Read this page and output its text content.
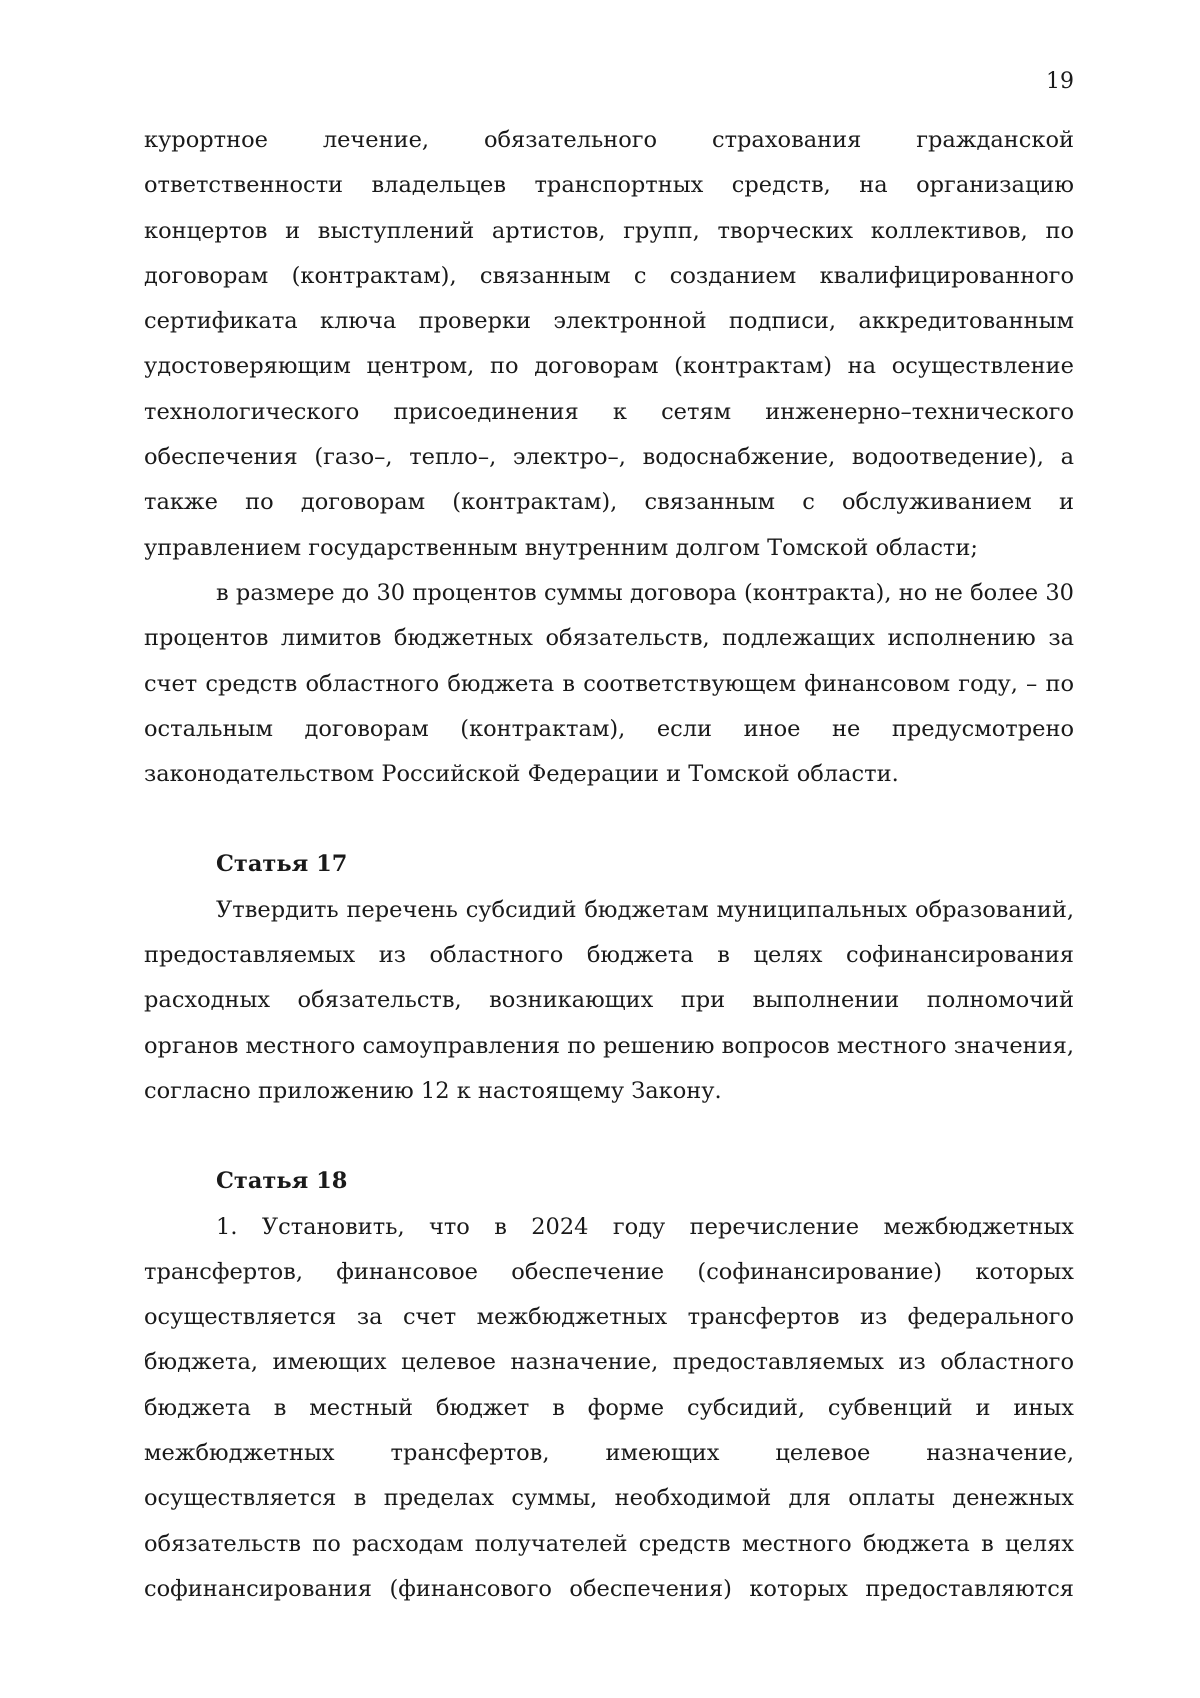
19

курортное лечение, обязательного страхования гражданской ответственности владельцев транспортных средств, на организацию концертов и выступлений артистов, групп, творческих коллективов, по договорам (контрактам), связанным с созданием квалифицированного сертификата ключа проверки электронной подписи, аккредитованным удостоверяющим центром, по договорам (контрактам) на осуществление технологического присоединения к сетям инженерно–технического обеспечения (газо–, тепло–, электро–, водоснабжение, водоотведение), а также по договорам (контрактам), связанным с обслуживанием и управлением государственным внутренним долгом Томской области;

в размере до 30 процентов суммы договора (контракта), но не более 30 процентов лимитов бюджетных обязательств, подлежащих исполнению за счет средств областного бюджета в соответствующем финансовом году, – по остальным договорам (контрактам), если иное не предусмотрено законодательством Российской Федерации и Томской области.

Статья 17

Утвердить перечень субсидий бюджетам муниципальных образований, предоставляемых из областного бюджета в целях софинансирования расходных обязательств, возникающих при выполнении полномочий органов местного самоуправления по решению вопросов местного значения, согласно приложению 12 к настоящему Закону.

Статья 18

1. Установить, что в 2024 году перечисление межбюджетных трансфертов, финансовое обеспечение (софинансирование) которых осуществляется за счет межбюджетных трансфертов из федерального бюджета, имеющих целевое назначение, предоставляемых из областного бюджета в местный бюджет в форме субсидий, субвенций и иных межбюджетных трансфертов, имеющих целевое назначение, осуществляется в пределах суммы, необходимой для оплаты денежных обязательств по расходам получателей средств местного бюджета в целях софинансирования (финансового обеспечения) которых предоставляются
